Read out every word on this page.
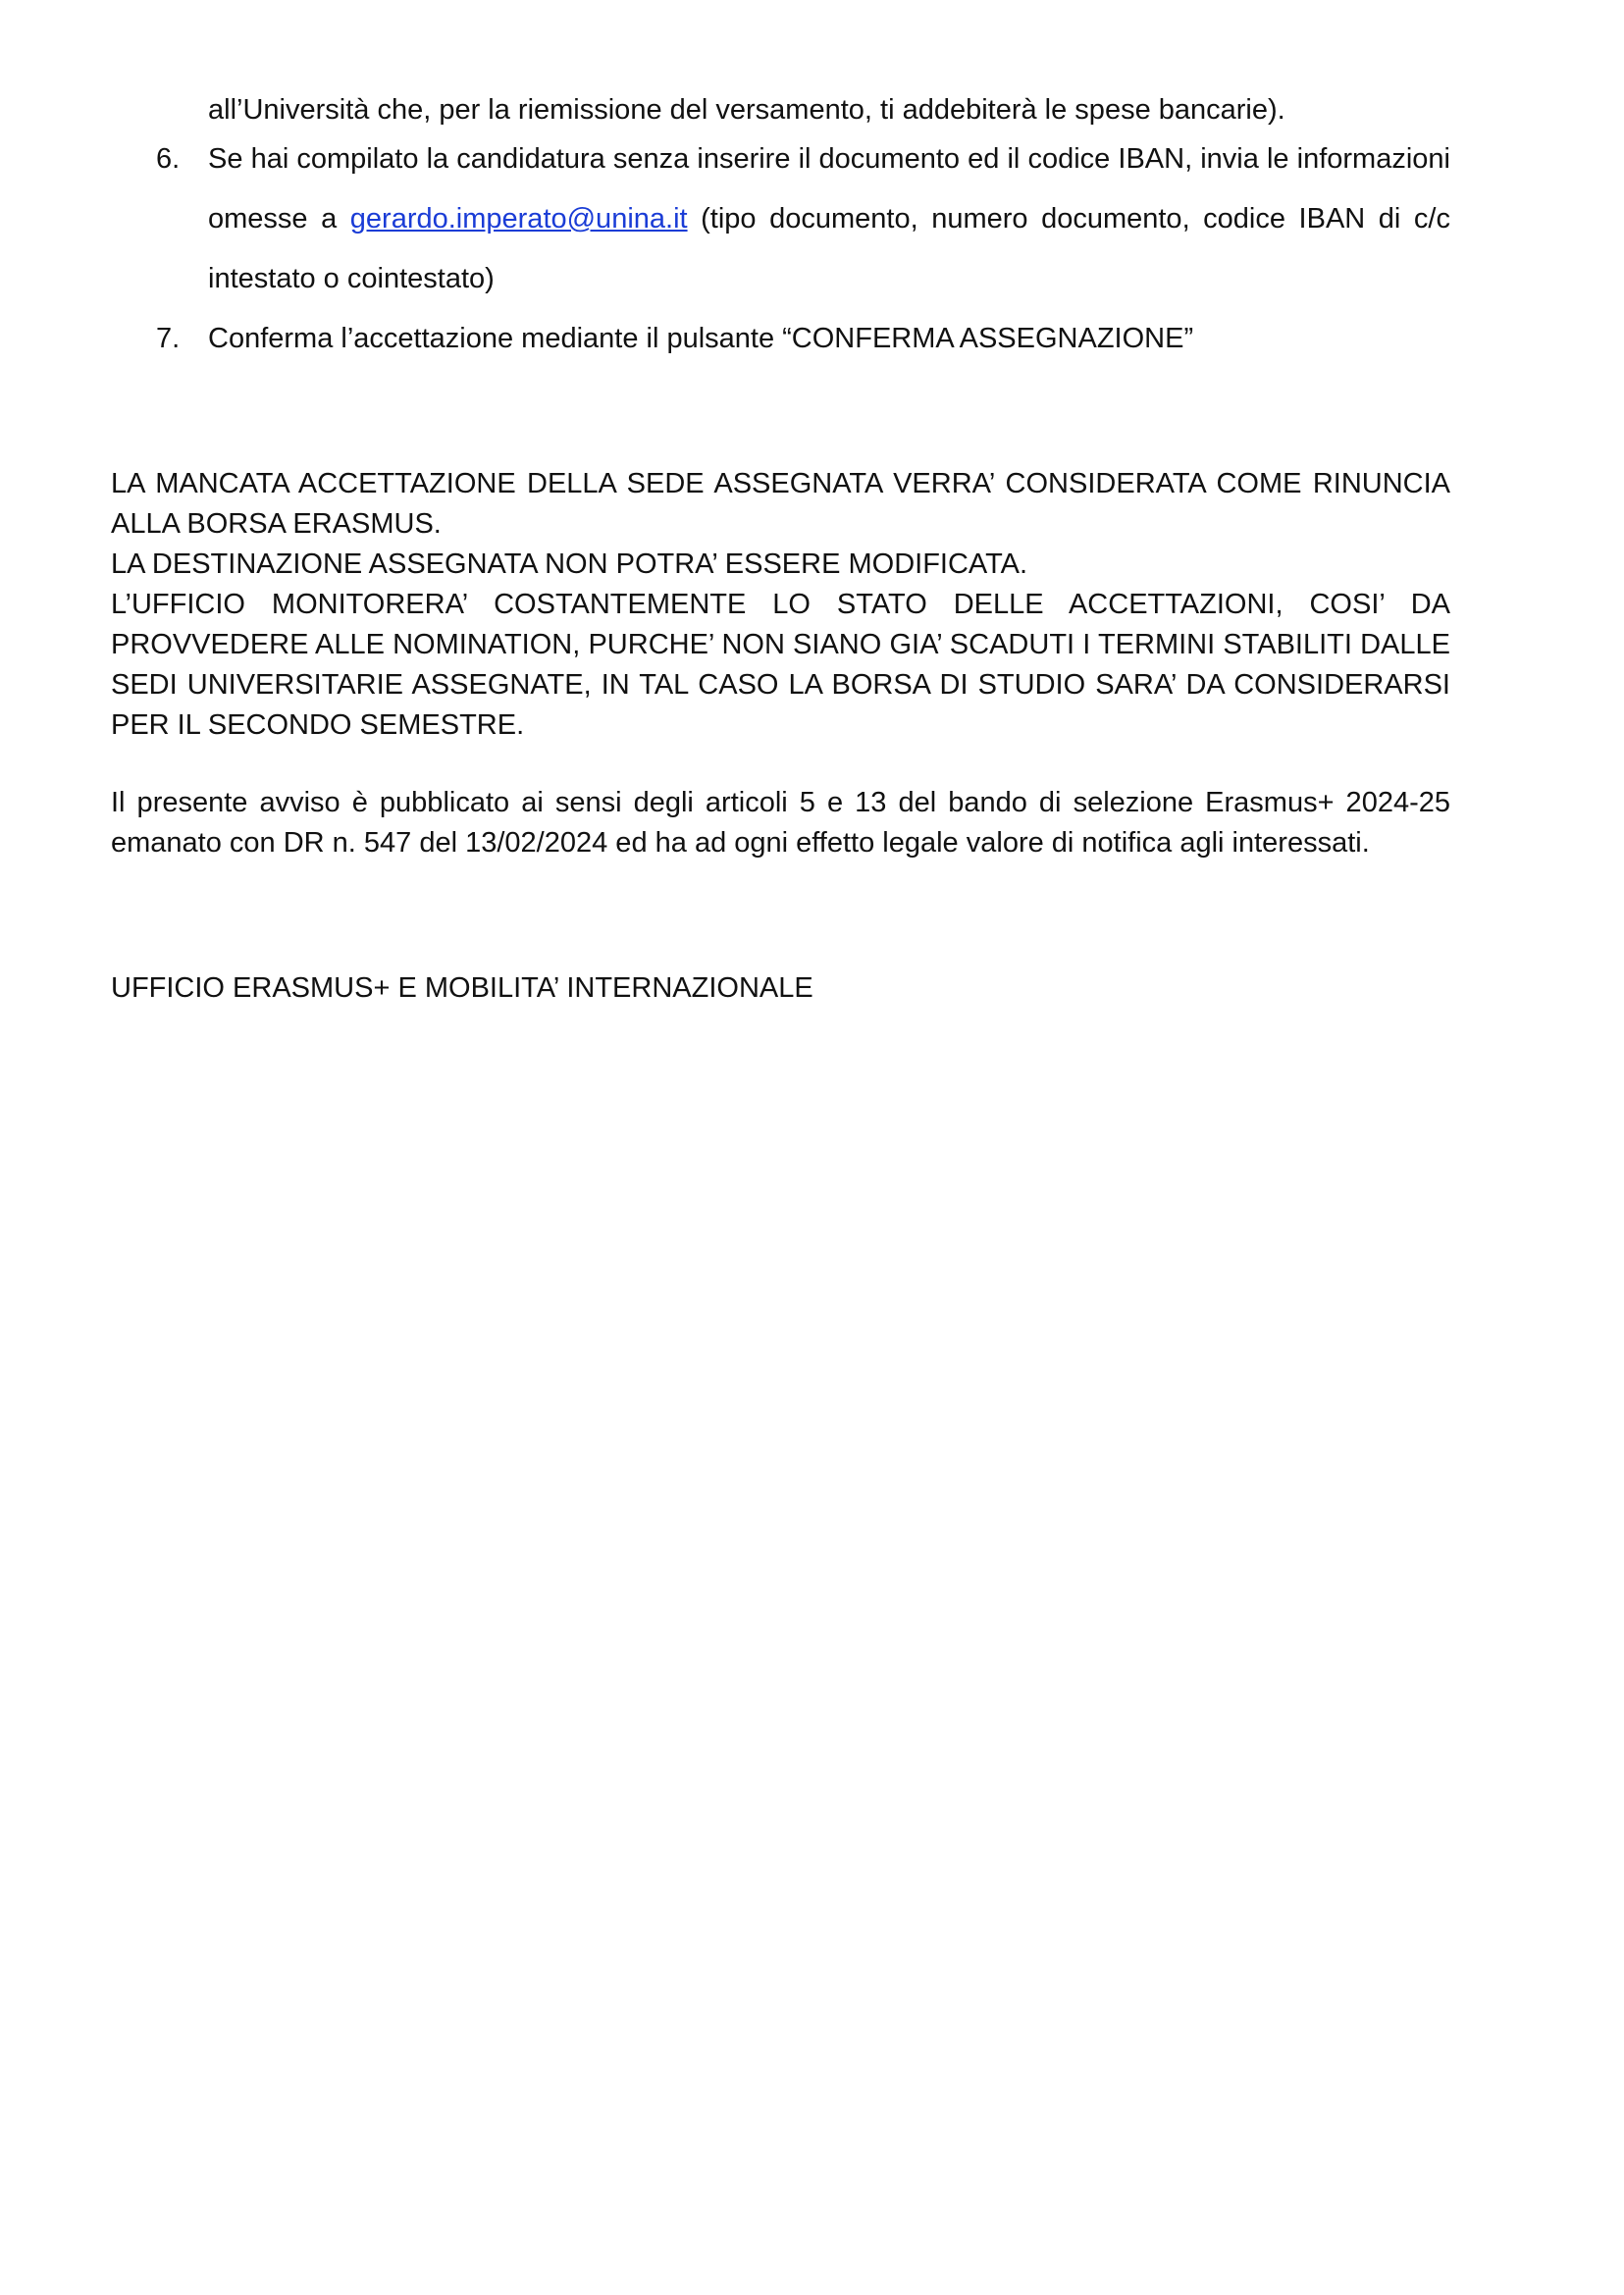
all’Università che, per la riemissione del versamento, ti addebiterà le spese bancarie).

6. Se hai compilato la candidatura senza inserire il documento ed il codice IBAN, invia le informazioni omesse a gerardo.imperato@unina.it (tipo documento, numero documento, codice IBAN di c/c intestato o cointestato)
7. Conferma l’accettazione mediante il pulsante “CONFERMA ASSEGNAZIONE”

LA MANCATA ACCETTAZIONE DELLA SEDE ASSEGNATA VERRA’ CONSIDERATA COME RINUNCIA ALLA BORSA ERASMUS.

LA DESTINAZIONE ASSEGNATA NON POTRA’ ESSERE MODIFICATA.

L’UFFICIO MONITORERA’ COSTANTEMENTE LO STATO DELLE ACCETTAZIONI, COSI’ DA PROVVEDERE ALLE NOMINATION, PURCHE’ NON SIANO GIA’ SCADUTI I TERMINI STABILITI DALLE SEDI UNIVERSITARIE ASSEGNATE, IN TAL CASO LA BORSA DI STUDIO SARA’ DA CONSIDERARSI PER IL SECONDO SEMESTRE.

Il presente avviso è pubblicato ai sensi degli articoli 5 e 13 del bando di selezione Erasmus+ 2024-25 emanato con DR n. 547 del 13/02/2024 ed ha ad ogni effetto legale valore di notifica agli interessati.

UFFICIO ERASMUS+ E MOBILITA’ INTERNAZIONALE
